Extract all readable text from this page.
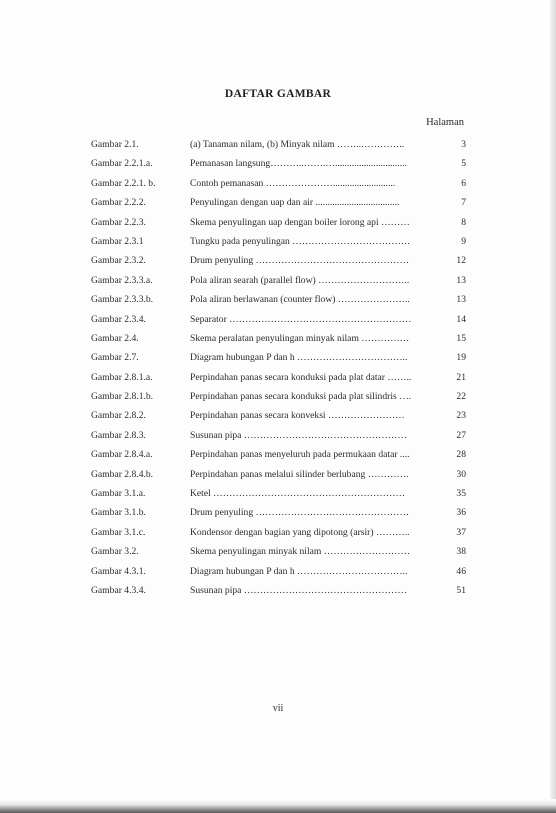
DAFTAR GAMBAR
Halaman
Gambar 2.1.	(a) Tanaman nilam, (b) Minyak nilam ……..…………..	3
Gambar 2.2.1.a.	Pemanasan langsung………..…….…..............................	5
Gambar 2.2.1. b.	Contoh pemanasan …………………..........................	6
Gambar 2.2.2.	Penyulingan dengan uap dan air ...................................	7
Gambar 2.2.3.	Skema penyulingan uap dengan boiler lorong api ………	8
Gambar 2.3.1	Tungku pada penyulingan ……………………………….	9
Gambar 2.3.2.	Drum penyuling …………………………………………	12
Gambar 2.3.3.a.	Pola aliran searah (parallel flow) ………………………..	13
Gambar 2.3.3.b.	Pola aliran berlawanan (counter flow) …………………..	13
Gambar 2.3.4.	Separator …………………………………………………	14
Gambar 2.4.	Skema peralatan penyulingan minyak nilam ……………	15
Gambar 2.7.	Diagram hubungan P dan h ……………………………..	19
Gambar 2.8.1.a.	Perpindahan panas secara konduksi pada plat datar ……..	21
Gambar 2.8.1.b.	Perpindahan panas secara konduksi pada plat silindris ….	22
Gambar 2.8.2.	Perpindahan panas secara konveksi ……………………	23
Gambar 2.8.3.	Susunan pipa ……………………………………………	27
Gambar 2.8.4.a.	Perpindahan panas menyeluruh pada permukaan datar ....	28
Gambar 2.8.4.b.	Perpindahan panas melalui silinder berlubang ………….	30
Gambar 3.1.a.	Ketel ……………………………………………………	35
Gambar 3.1.b.	Drum penyuling …………………………………………	36
Gambar 3.1.c.	Kondensor dengan bagian yang dipotong (arsir) ………..	37
Gambar 3.2.	Skema penyulingan minyak nilam ………………………	38
Gambar 4.3.1.	Diagram hubungan P dan h ……………………………..	46
Gambar 4.3.4.	Susunan pipa ……………………………………………	51
vii
